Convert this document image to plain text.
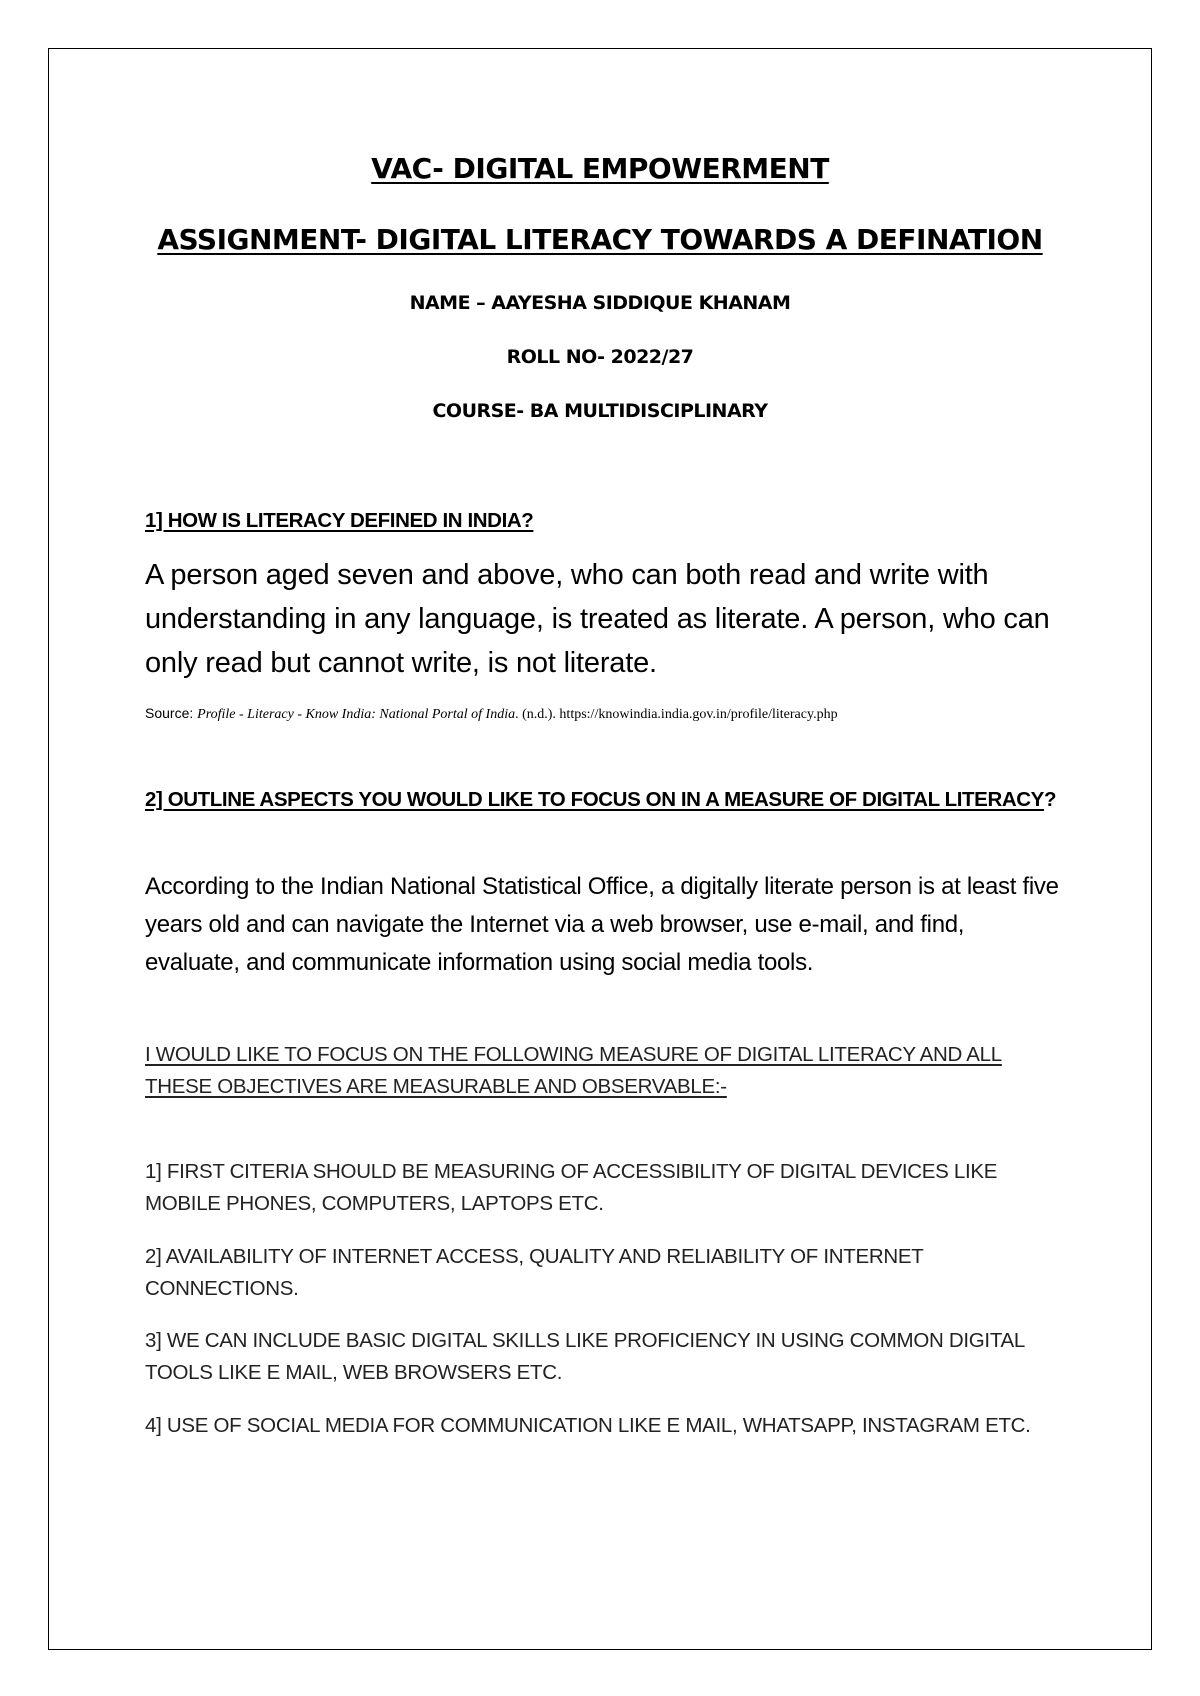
VAC- DIGITAL EMPOWERMENT
ASSIGNMENT- DIGITAL LITERACY TOWARDS A DEFINATION
NAME – AAYESHA SIDDIQUE KHANAM
ROLL NO- 2022/27
COURSE- BA MULTIDISCIPLINARY
1] HOW IS LITERACY DEFINED IN INDIA?
A person aged seven and above, who can both read and write with understanding in any language, is treated as literate. A person, who can only read but cannot write, is not literate.
Source: Profile - Literacy - Know India: National Portal of India. (n.d.). https://knowindia.india.gov.in/profile/literacy.php
2] OUTLINE ASPECTS YOU WOULD LIKE TO FOCUS ON IN A MEASURE OF DIGITAL LITERACY?
According to the Indian National Statistical Office, a digitally literate person is at least five years old and can navigate the Internet via a web browser, use e-mail, and find, evaluate, and communicate information using social media tools.
I WOULD LIKE TO FOCUS ON THE FOLLOWING MEASURE OF DIGITAL LITERACY AND ALL THESE OBJECTIVES ARE MEASURABLE AND OBSERVABLE:-
1] FIRST CITERIA SHOULD BE MEASURING OF ACCESSIBILITY OF DIGITAL DEVICES LIKE MOBILE PHONES, COMPUTERS, LAPTOPS ETC.
2] AVAILABILITY OF INTERNET ACCESS, QUALITY AND RELIABILITY OF INTERNET CONNECTIONS.
3] WE CAN INCLUDE BASIC DIGITAL SKILLS LIKE PROFICIENCY IN USING COMMON DIGITAL TOOLS LIKE E MAIL, WEB BROWSERS ETC.
4] USE OF SOCIAL MEDIA FOR COMMUNICATION LIKE E MAIL, WHATSAPP, INSTAGRAM ETC.
